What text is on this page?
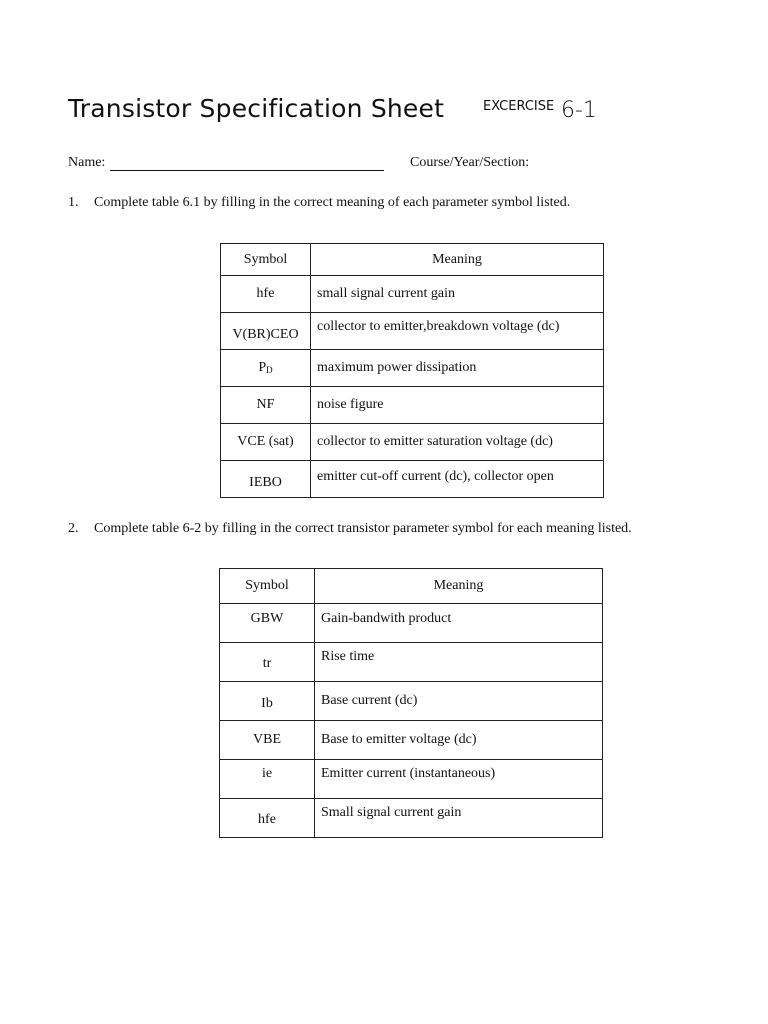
Transistor Specification Sheet	EXCERCISE 6-1
Name:	Course/Year/Section:
1. Complete table 6.1 by filling in the correct meaning of each parameter symbol listed.
Symbol	Meaning
hfe	small signal current gain
V(BR)CEO	collector to emitter,breakdown voltage (dc)
PD	maximum power dissipation
NF	noise figure
VCE (sat)	collector to emitter saturation voltage (dc)
IEBO	emitter cut-off current (dc), collector open
2. Complete table 6-2 by filling in the correct transistor parameter symbol for each meaning listed.
Symbol	Meaning
GBW	Gain-bandwith product
tr	Rise time
Ib	Base current (dc)
VBE	Base to emitter voltage (dc)
ie	Emitter current (instantaneous)
hfe	Small signal current gain
